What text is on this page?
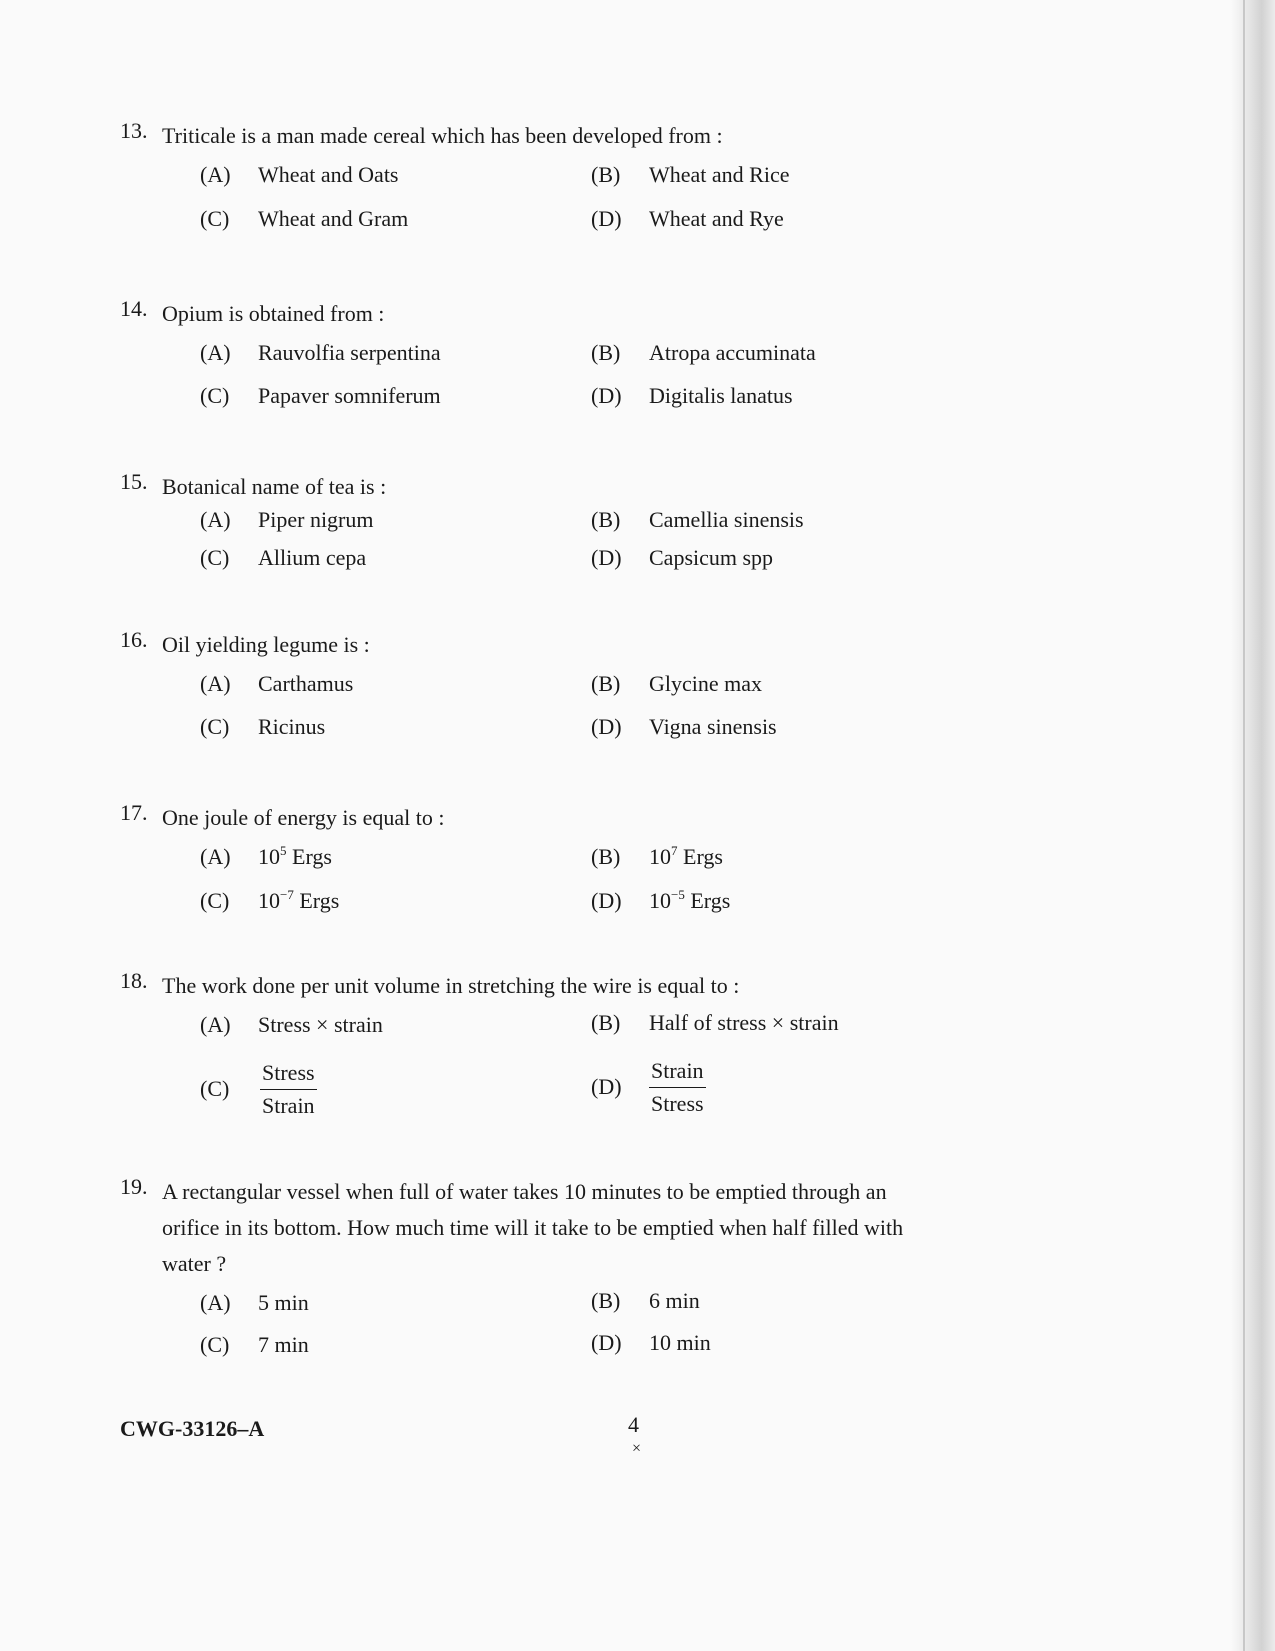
13. Triticale is a man made cereal which has been developed from :
(A) Wheat and Oats	(B) Wheat and Rice
(C) Wheat and Gram	(D) Wheat and Rye
14. Opium is obtained from :
(A) Rauvolfia serpentina	(B) Atropa accuminata
(C) Papaver somniferum	(D) Digitalis lanatus
15. Botanical name of tea is :
(A) Piper nigrum	(B) Camellia sinensis
(C) Allium cepa	(D) Capsicum spp
16. Oil yielding legume is :
(A) Carthamus	(B) Glycine max
(C) Ricinus	(D) Vigna sinensis
17. One joule of energy is equal to :
(A) $10^5$ Ergs	(B) $10^7$ Ergs
(C) $10^{-7}$ Ergs	(D) $10^{-5}$ Ergs
18. The work done per unit volume in stretching the wire is equal to :
(A) Stress × strain	(B) Half of stress × strain
$(C) \frac{\text{Stress}}{\text{Strain}}$	$(D) \frac{\text{Strain}}{\text{Stress}}$
19. A rectangular vessel when full of water takes 10 minutes to be emptied through an orifice in its bottom. How much time will it take to be emptied when half filled with water ?
(A) 5 min	(B) 6 min
(C) 7 min	(D) 10 min
CWG-33126–A	4
×
